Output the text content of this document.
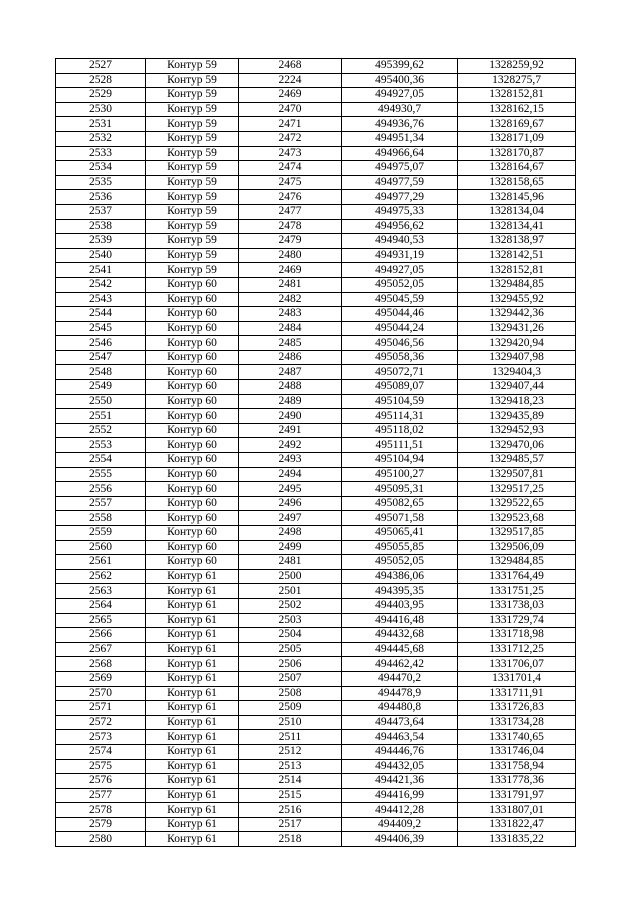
2527	Контур 59	2468	495399,62	1328259,92
2528	Контур 59	2224	495400,36	1328275,7
2529	Контур 59	2469	494927,05	1328152,81
2530	Контур 59	2470	494930,7	1328162,15
2531	Контур 59	2471	494936,76	1328169,67
2532	Контур 59	2472	494951,34	1328171,09
2533	Контур 59	2473	494966,64	1328170,87
2534	Контур 59	2474	494975,07	1328164,67
2535	Контур 59	2475	494977,59	1328158,65
2536	Контур 59	2476	494977,29	1328145,96
2537	Контур 59	2477	494975,33	1328134,04
2538	Контур 59	2478	494956,62	1328134,41
2539	Контур 59	2479	494940,53	1328138,97
2540	Контур 59	2480	494931,19	1328142,51
2541	Контур 59	2469	494927,05	1328152,81
2542	Контур 60	2481	495052,05	1329484,85
2543	Контур 60	2482	495045,59	1329455,92
2544	Контур 60	2483	495044,46	1329442,36
2545	Контур 60	2484	495044,24	1329431,26
2546	Контур 60	2485	495046,56	1329420,94
2547	Контур 60	2486	495058,36	1329407,98
2548	Контур 60	2487	495072,71	1329404,3
2549	Контур 60	2488	495089,07	1329407,44
2550	Контур 60	2489	495104,59	1329418,23
2551	Контур 60	2490	495114,31	1329435,89
2552	Контур 60	2491	495118,02	1329452,93
2553	Контур 60	2492	495111,51	1329470,06
2554	Контур 60	2493	495104,94	1329485,57
2555	Контур 60	2494	495100,27	1329507,81
2556	Контур 60	2495	495095,31	1329517,25
2557	Контур 60	2496	495082,65	1329522,65
2558	Контур 60	2497	495071,58	1329523,68
2559	Контур 60	2498	495065,41	1329517,85
2560	Контур 60	2499	495055,85	1329506,09
2561	Контур 60	2481	495052,05	1329484,85
2562	Контур 61	2500	494386,06	1331764,49
2563	Контур 61	2501	494395,35	1331751,25
2564	Контур 61	2502	494403,95	1331738,03
2565	Контур 61	2503	494416,48	1331729,74
2566	Контур 61	2504	494432,68	1331718,98
2567	Контур 61	2505	494445,68	1331712,25
2568	Контур 61	2506	494462,42	1331706,07
2569	Контур 61	2507	494470,2	1331701,4
2570	Контур 61	2508	494478,9	1331711,91
2571	Контур 61	2509	494480,8	1331726,83
2572	Контур 61	2510	494473,64	1331734,28
2573	Контур 61	2511	494463,54	1331740,65
2574	Контур 61	2512	494446,76	1331746,04
2575	Контур 61	2513	494432,05	1331758,94
2576	Контур 61	2514	494421,36	1331778,36
2577	Контур 61	2515	494416,99	1331791,97
2578	Контур 61	2516	494412,28	1331807,01
2579	Контур 61	2517	494409,2	1331822,47
2580	Контур 61	2518	494406,39	1331835,22
